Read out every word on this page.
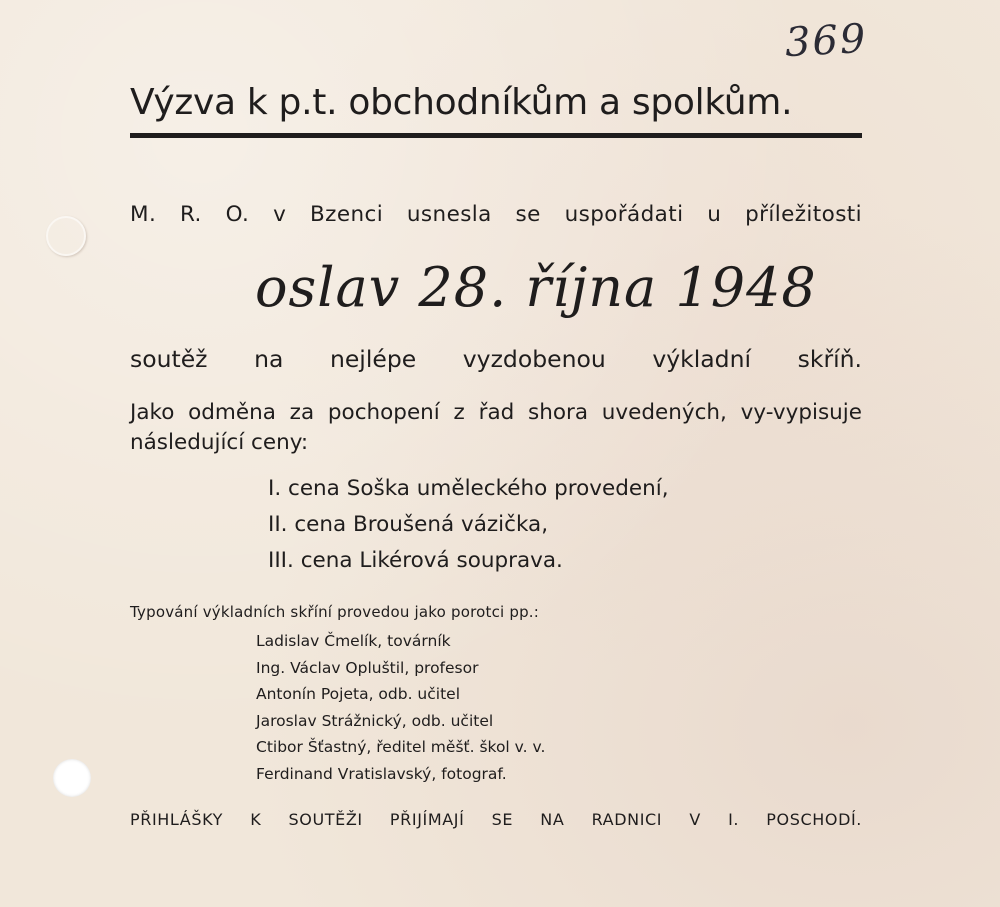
369
Výzva k p.t. obchodníkům a spolkům.
M. R. O. v Bzenci usnesla se uspořádati u příležitosti
oslav 28. října 1948
soutěž na nejlépe vyzdobenou výkladní skříň.
Jako odměna za pochopení z řad shora uvedených, vy-vypisuje následující ceny:
I. cena Soška uměleckého provedení,
II. cena Broušená vázička,
III. cena Likérová souprava.
Typování výkladních skříní provedou jako porotci pp.:
Ladislav Čmelík, továrník
Ing. Václav Opluštil, profesor
Antonín Pojeta, odb. učitel
Jaroslav Strážnický, odb. učitel
Ctibor Šťastný, ředitel měšť. škol v. v.
Ferdinand Vratislavský, fotograf.
PŘIHLÁŠKY K SOUTĚŽI PŘIJÍMAJÍ SE NA RADNICI V I. POSCHODÍ.
